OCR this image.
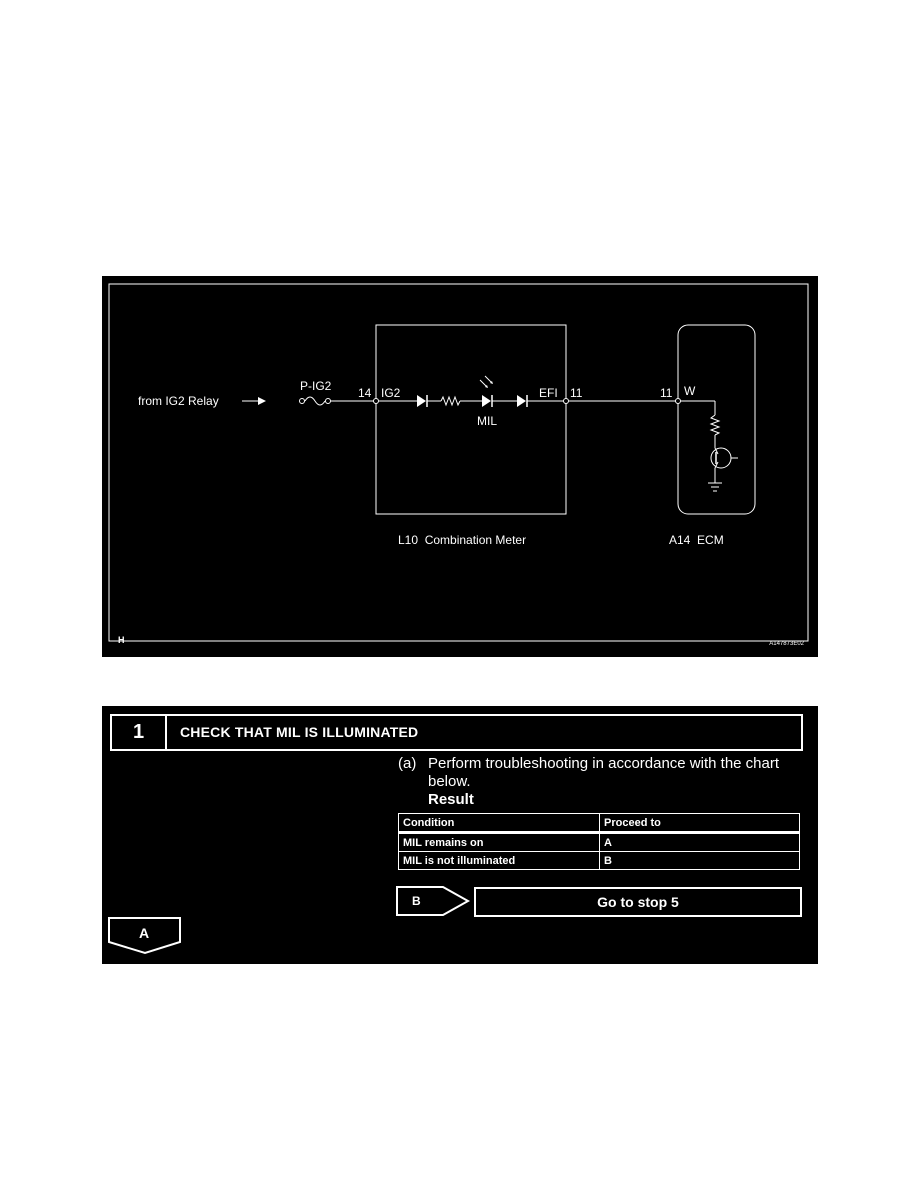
from IG2 Relay
P-IG2 14 IG2
MIL
EFI 11	11 W
L10  Combination Meter	A14  ECM
H	A147873E02
1	CHECK THAT MIL IS ILLUMINATED
(a) Perform troubleshooting in accordance with the chart below.
Result
Condition	Proceed to
MIL remains on	A
MIL is not illuminated	B
B	Go to stop 5
A
